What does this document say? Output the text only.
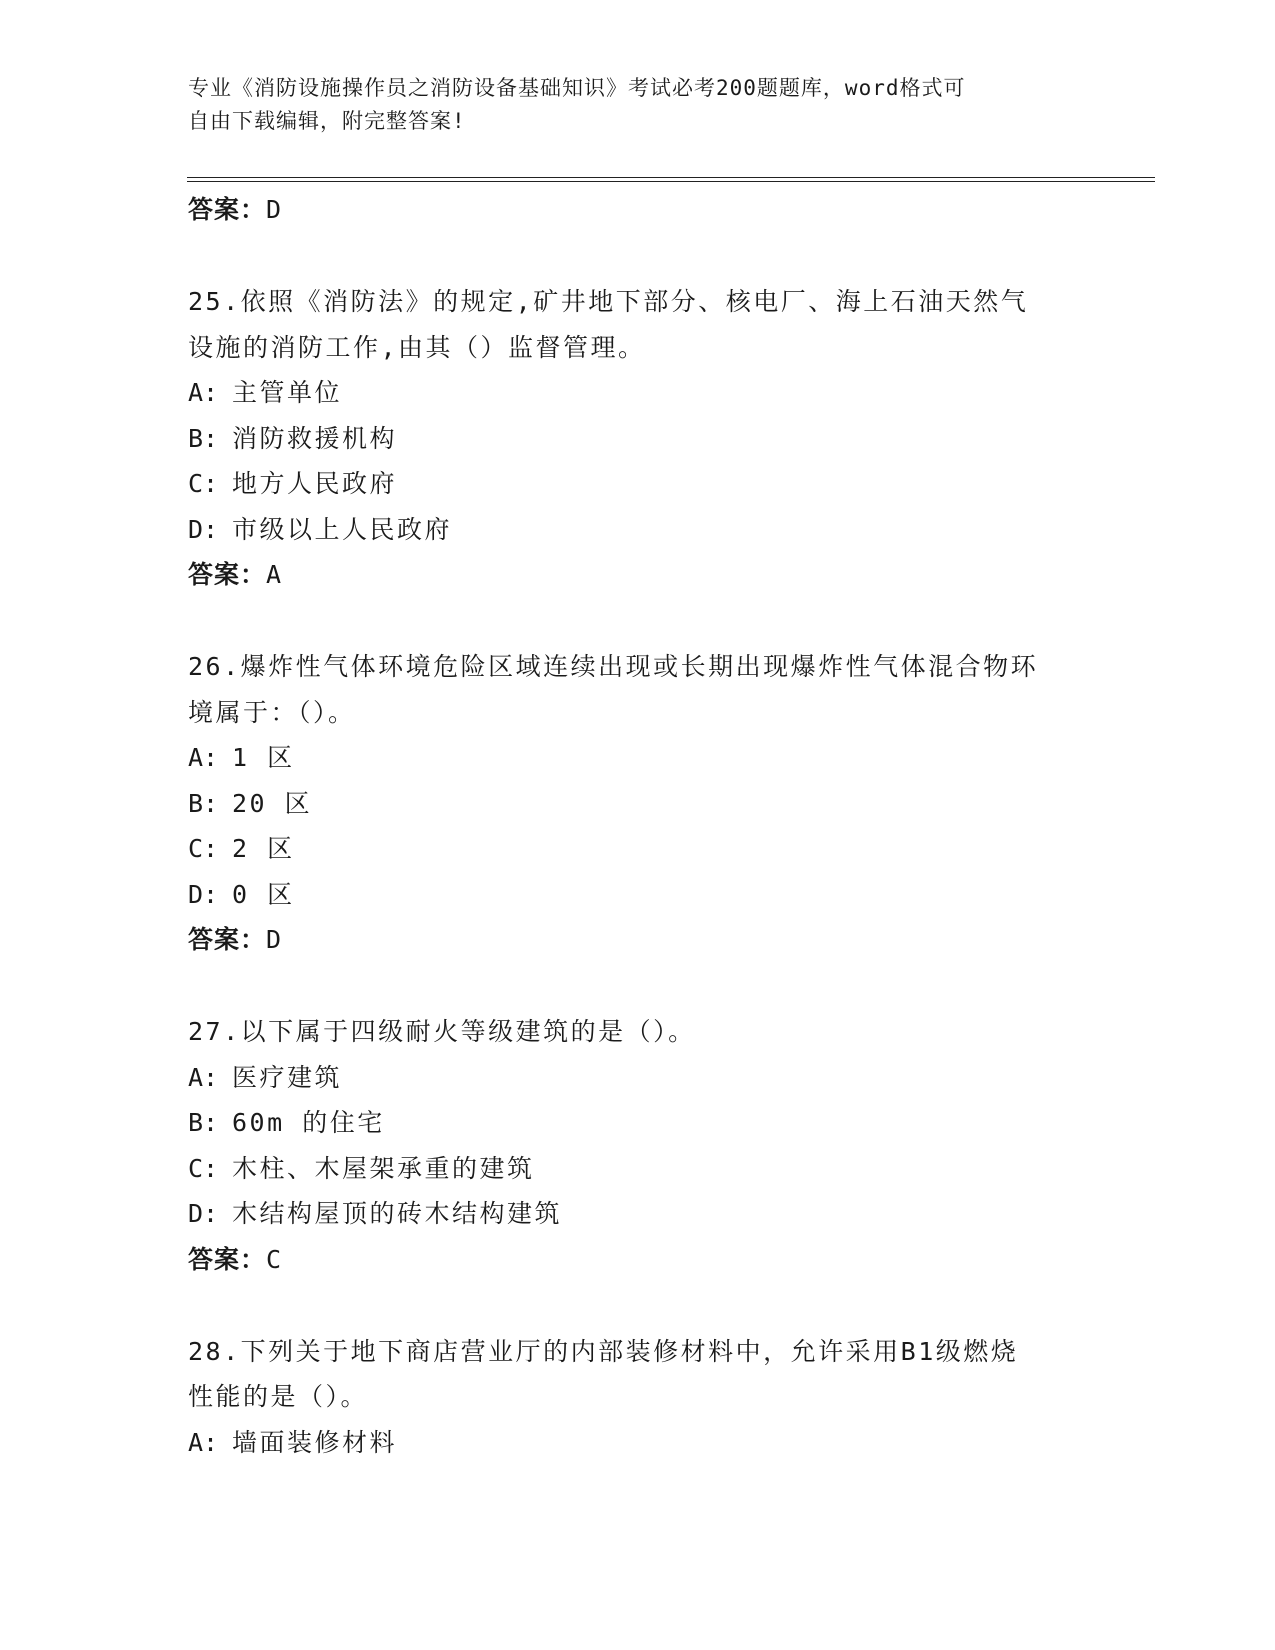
专业《消防设施操作员之消防设备基础知识》考试必考200题题库，word格式可
自由下载编辑，附完整答案!
答案：D
25.依照《消防法》的规定,矿井地下部分、核电厂、海上石油天然气
设施的消防工作,由其（）监督管理。
A: 主管单位
B: 消防救援机构
C: 地方人民政府
D: 市级以上人民政府
答案：A
26.爆炸性气体环境危险区域连续出现或长期出现爆炸性气体混合物环
境属于：（）。
A: 1 区
B: 20 区
C: 2 区
D: 0 区
答案：D
27.以下属于四级耐火等级建筑的是（）。
A: 医疗建筑
B: 60m 的住宅
C: 木柱、木屋架承重的建筑
D: 木结构屋顶的砖木结构建筑
答案：C
28.下列关于地下商店营业厅的内部装修材料中，允许采用B1级燃烧
性能的是（）。
A: 墙面装修材料
